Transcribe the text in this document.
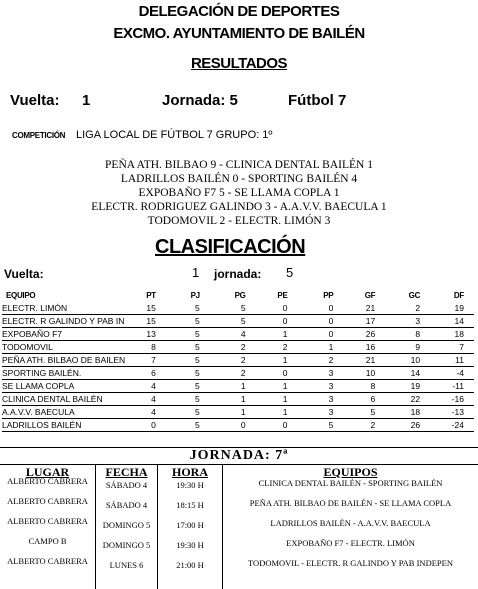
DELEGACIÓN DE DEPORTES
EXCMO. AYUNTAMIENTO DE BAILÉN
RESULTADOS
Vuelta: 1	Jornada: 5	Fútbol 7
COMPETICIÓN LIGA LOCAL DE FÚTBOL 7 GRUPO: 1º
PEÑA ATH. BILBAO 9 - CLINICA DENTAL BAILÉN 1
LADRILLOS BAILÉN 0 - SPORTING BAILÉN 4
EXPOBAÑO F7 5 - SE LLAMA COPLA 1
ELECTR. RODRIGUEZ GALINDO 3 - A.A.V.V. BAECULA 1
TODOMOVIL 2 - ELECTR. LIMÓN 3
CLASIFICACIÓN
Vuelta:	1 jornada: 5
EQUIPO	PT	PJ	PG	PE	PP	GF	GC	DF
ELECTR. LIMÓN	15	5	5	0	0	21	2	19
ELECTR. R GALINDO Y PAB IN	15	5	5	0	0	17	3	14
EXPOBAÑO F7	13	5	4	1	0	26	8	18
TODOMOVIL	8	5	2	2	1	16	9	7
PEÑA ATH. BILBAO DE BAILEN	7	5	2	1	2	21	10	11
SPORTING BAILÉN.	6	5	2	0	3	10	14	-4
SE LLAMA COPLA	4	5	1	1	3	8	19	-11
CLINICA DENTAL BAILÉN	4	5	1	1	3	6	22	-16
A.A.V.V. BAECULA	4	5	1	1	3	5	18	-13
LADRILLOS BAILÉN	0	5	0	0	5	2	26	-24
JORNADA: 7ª
LUGAR	FECHA	HORA	EQUIPOS
ALBERTO CABRERA	SÁBADO 4	19:30 H	CLINICA DENTAL BAILÉN - SPORTING BAILÉN
ALBERTO CABRERA	SÁBADO 4	18:15 H	PEÑA ATH. BILBAO DE BAILÉN - SE LLAMA COPLA
ALBERTO CABRERA	DOMINGO 5	17:00 H	LADRILLOS BAILÉN - A.A.V.V. BAECULA
CAMPO B	DOMINGO 5	19:30 H	EXPOBAÑO F7 - ELECTR. LIMÓN
ALBERTO CABRERA	LUNES 6	21:00 H	TODOMOVIL - ELECTR. R GALINDO Y PAB INDEPEN
